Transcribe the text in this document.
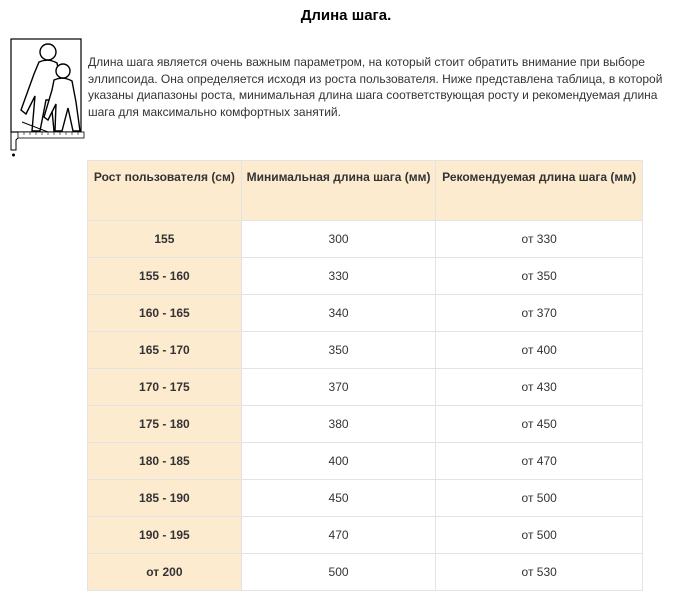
Длина шага.
Длина шага является очень важным параметром, на который стоит обратить внимание при выборе эллипсоида. Она определяется исходя из роста пользователя. Ниже представлена таблица, в которой указаны диапазоны роста, минимальная длина шага соответствующая росту и рекомендуемая длина шага для максимально комфортных занятий.
Рост пользователя (см)	Минимальная длина шага (мм)	Рекомендуемая длина шага (мм)
155	300	от 330
155 - 160	330	от 350
160 - 165	340	от 370
165 - 170	350	от 400
170 - 175	370	от 430
175 - 180	380	от 450
180 - 185	400	от 470
185 - 190	450	от 500
190 - 195	470	от 500
от 200	500	от 530
